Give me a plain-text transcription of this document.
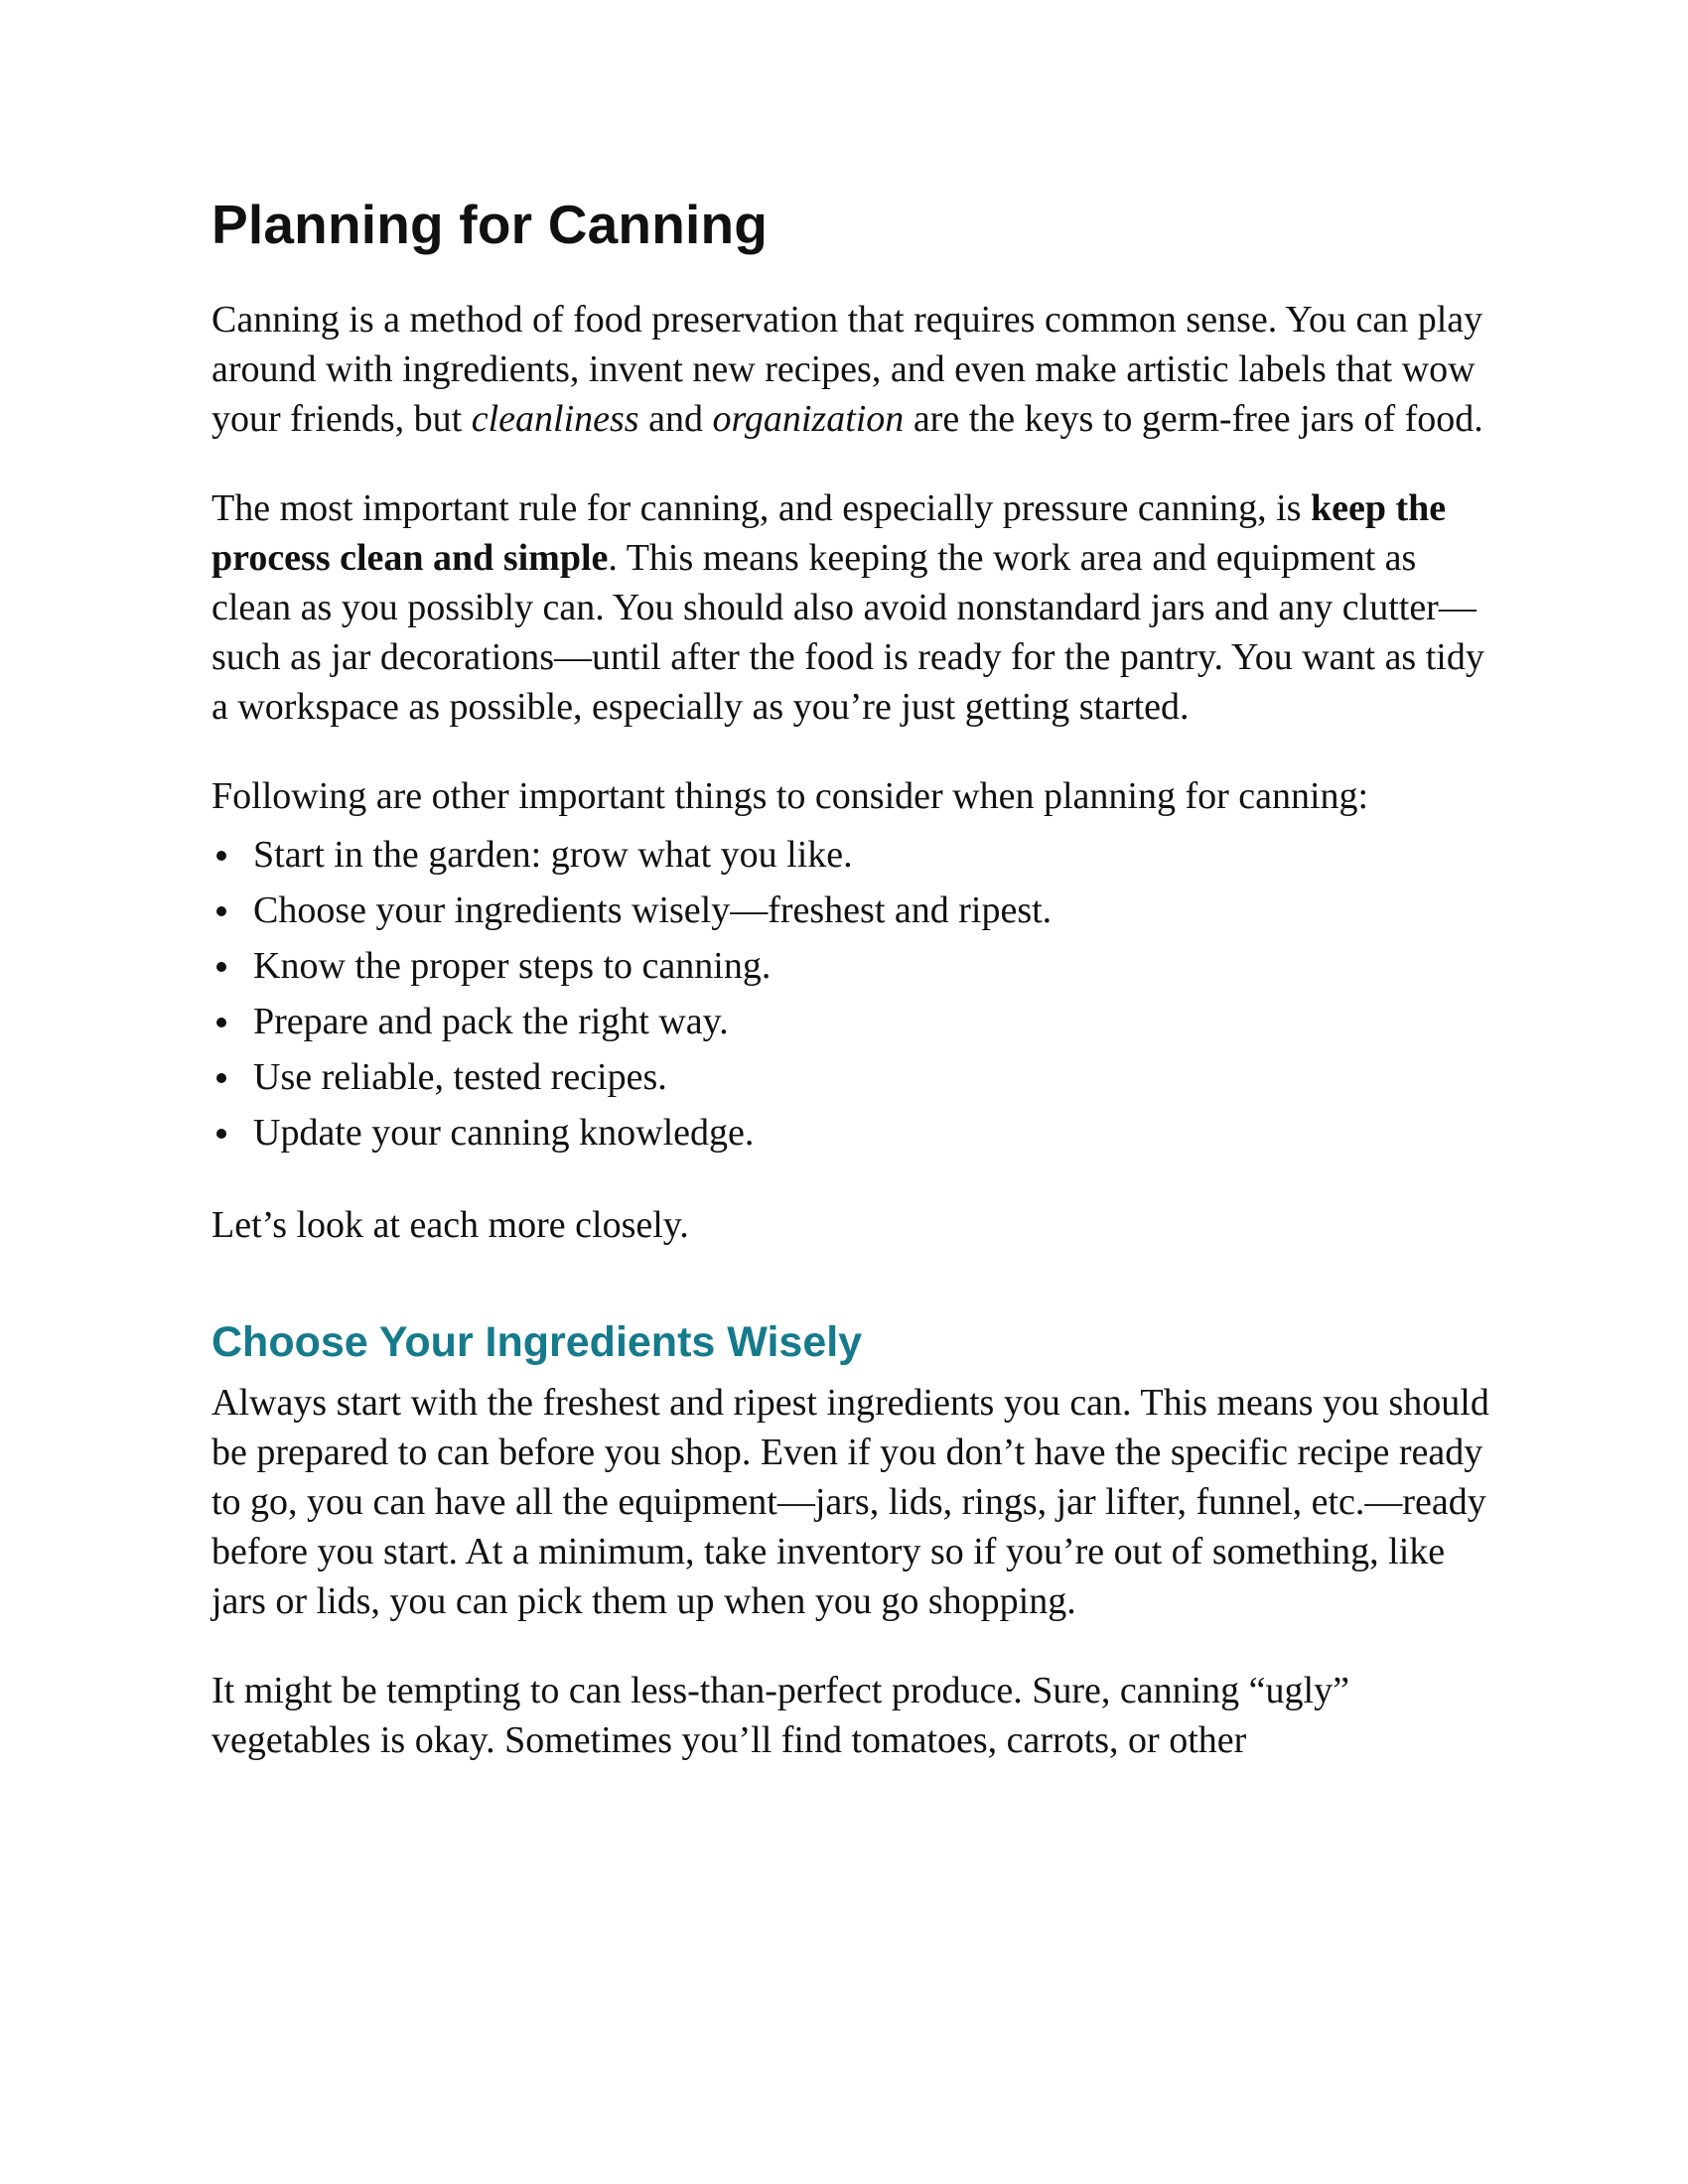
Planning for Canning

Canning is a method of food preservation that requires common sense. You can play around with ingredients, invent new recipes, and even make artistic labels that wow your friends, but cleanliness and organization are the keys to germ-free jars of food.

The most important rule for canning, and especially pressure canning, is keep the process clean and simple. This means keeping the work area and equipment as clean as you possibly can. You should also avoid nonstandard jars and any clutter—such as jar decorations—until after the food is ready for the pantry. You want as tidy a workspace as possible, especially as you’re just getting started.

Following are other important things to consider when planning for canning:

Start in the garden: grow what you like.
Choose your ingredients wisely—freshest and ripest.
Know the proper steps to canning.
Prepare and pack the right way.
Use reliable, tested recipes.
Update your canning knowledge.

Let’s look at each more closely.

Choose Your Ingredients Wisely

Always start with the freshest and ripest ingredients you can. This means you should be prepared to can before you shop. Even if you don’t have the specific recipe ready to go, you can have all the equipment—jars, lids, rings, jar lifter, funnel, etc.—ready before you start. At a minimum, take inventory so if you’re out of something, like jars or lids, you can pick them up when you go shopping.

It might be tempting to can less-than-perfect produce. Sure, canning “ugly” vegetables is okay. Sometimes you’ll find tomatoes, carrots, or other
